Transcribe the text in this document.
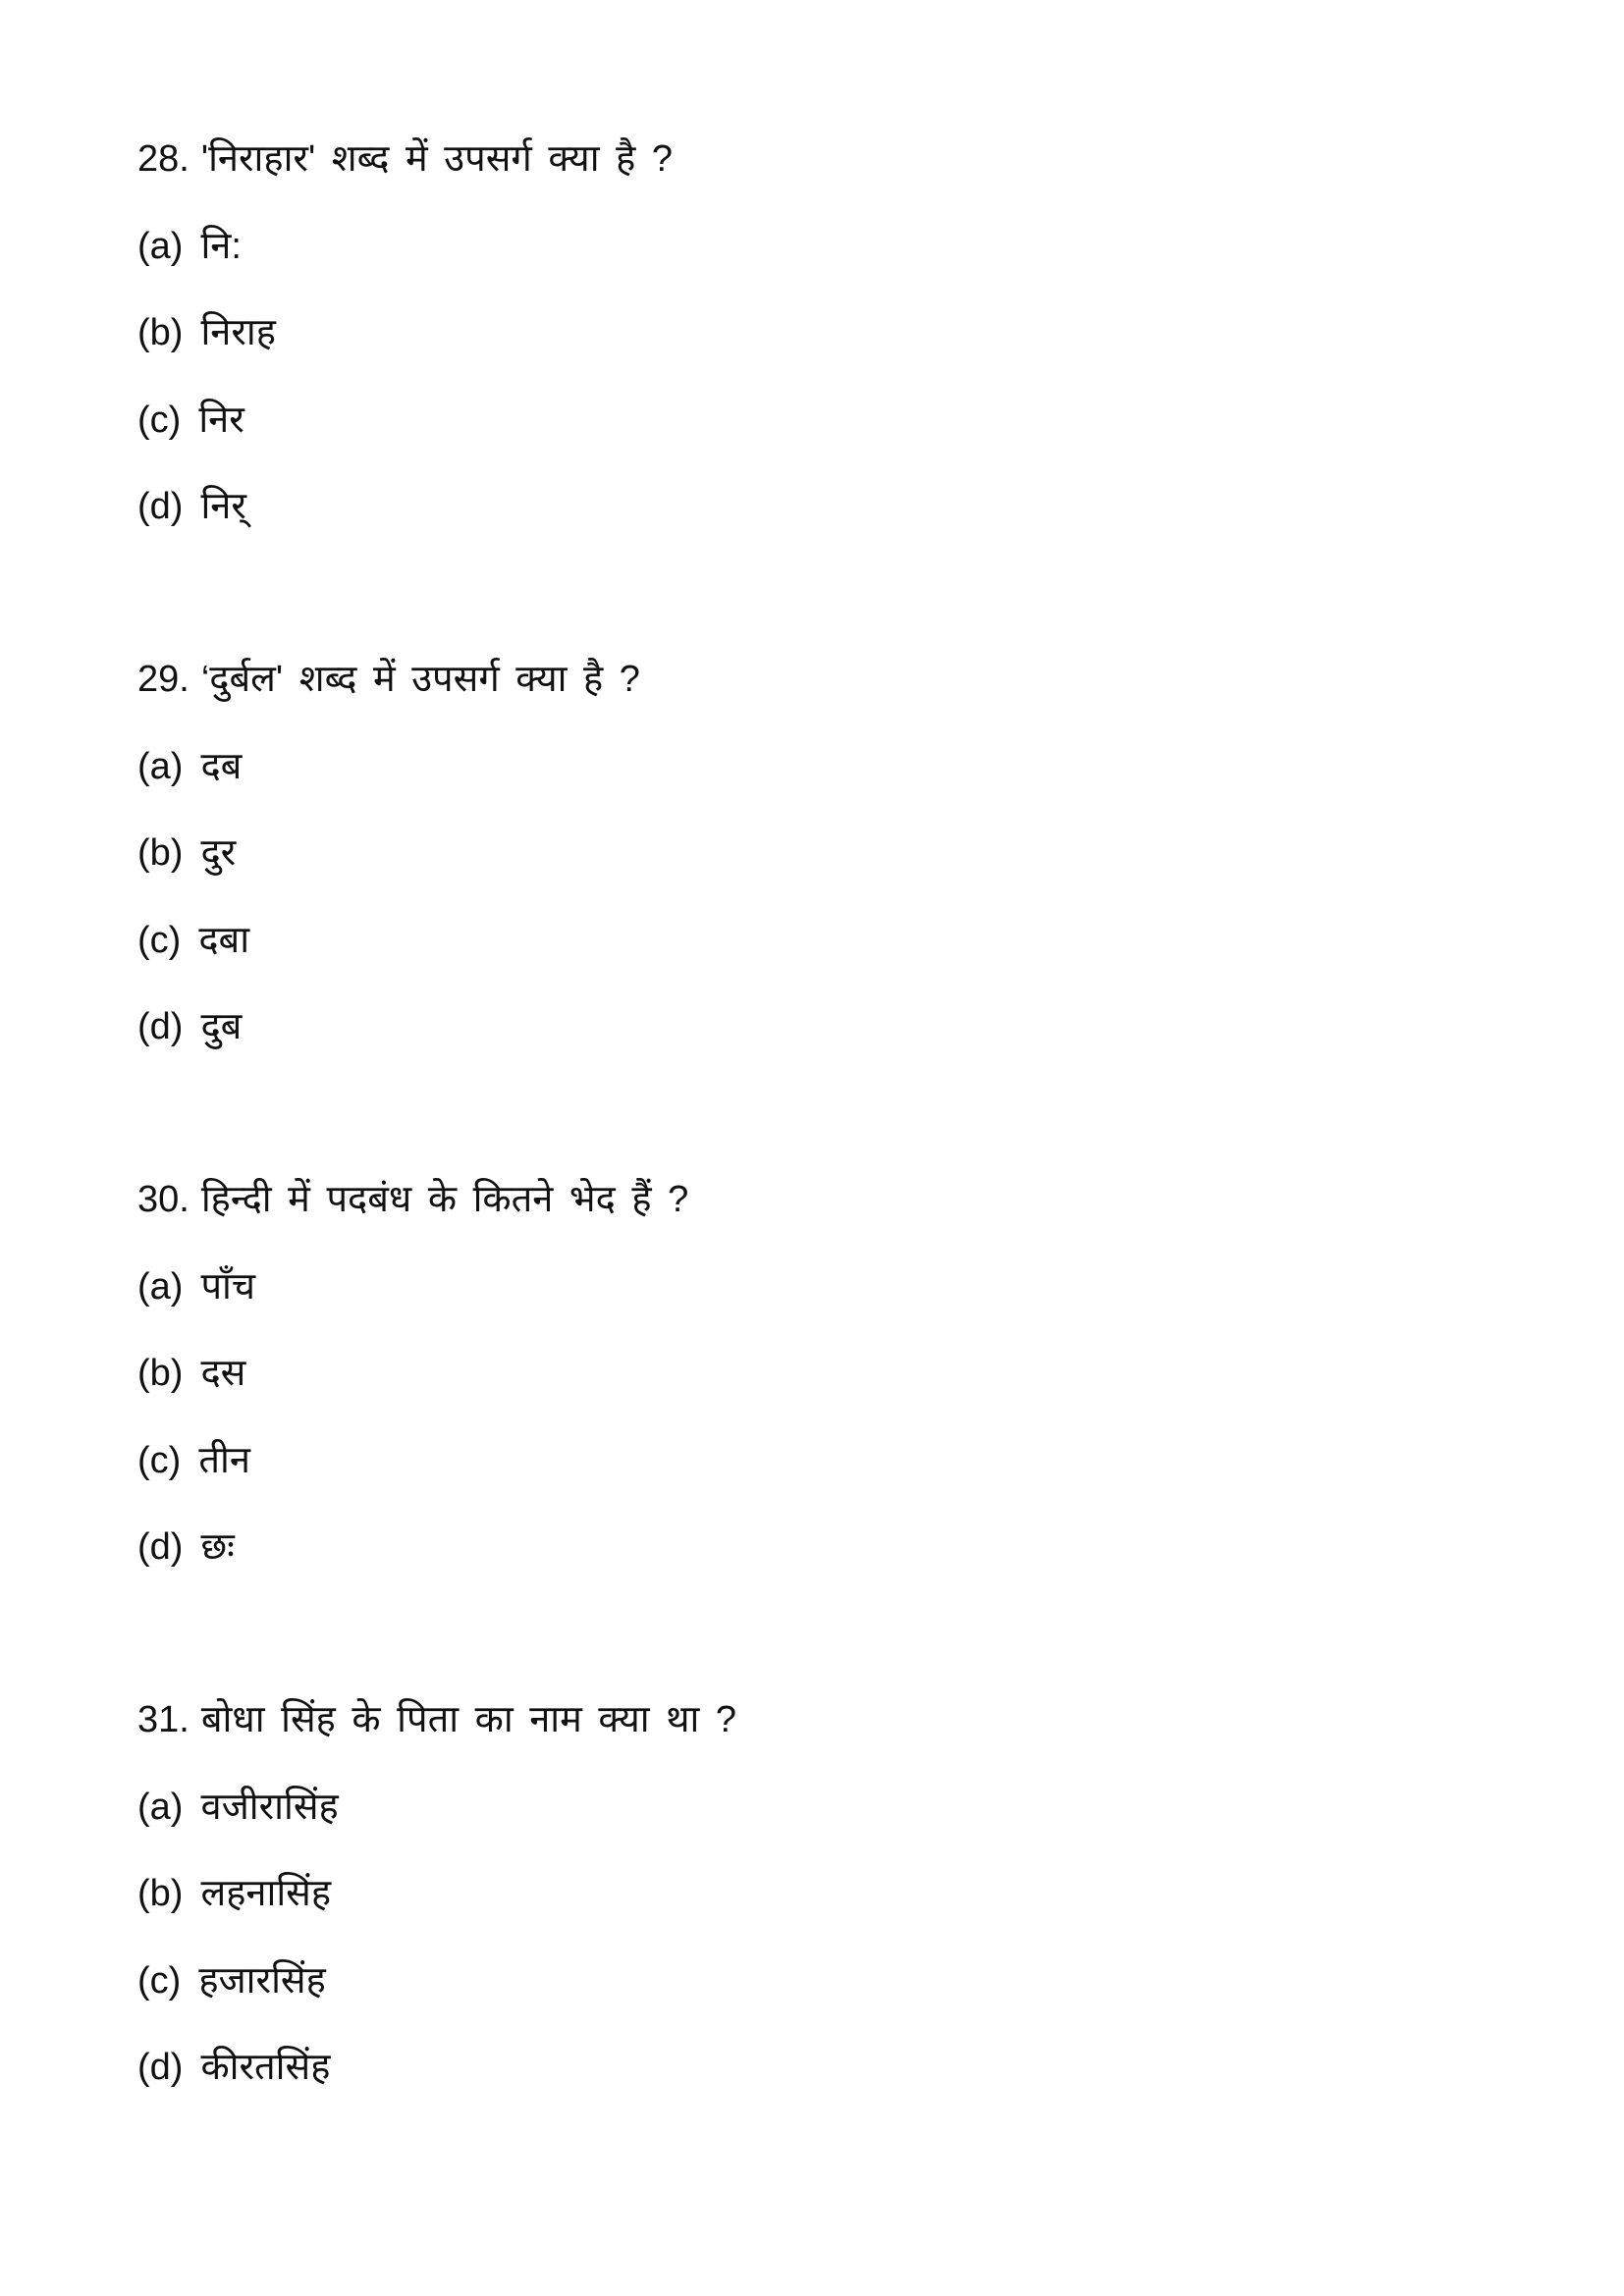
28. 'निराहार' शब्द में उपसर्ग क्या है ?
(a) नि:
(b) निराह
(c) निर
(d) निर्
29. ‘दुर्बल' शब्द में उपसर्ग क्या है ?
(a) दब
(b) दुर
(c) दबा
(d) दुब
30. हिन्दी में पदबंध के कितने भेद हैं ?
(a) पाँच
(b) दस
(c) तीन
(d) छः
31. बोधा सिंह के पिता का नाम क्या था ?
(a) वजीरासिंह
(b) लहनासिंह
(c) हजारसिंह
(d) कीरतसिंह
